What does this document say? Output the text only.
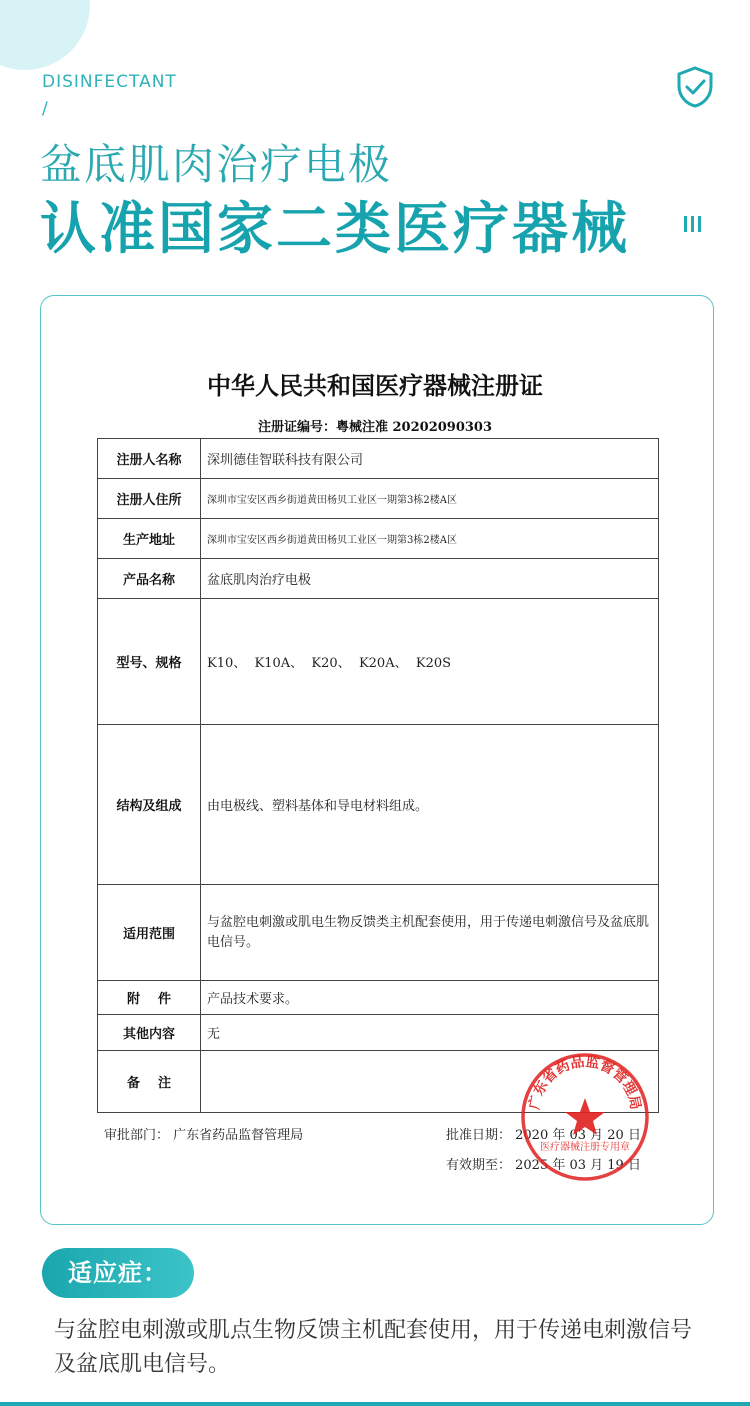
DISINFECTANT
/
盆底肌肉治疗电极
认准国家二类医疗器械
中华人民共和国医疗器械注册证
注册证编号：粤械注准 20202090303
注册人名称	深圳德佳智联科技有限公司
注册人住所	深圳市宝安区西乡街道黄田杨贝工业区一期第3栋2楼A区
生产地址	深圳市宝安区西乡街道黄田杨贝工业区一期第3栋2楼A区
产品名称	盆底肌肉治疗电极
型号、规格	K10、  K10A、  K20、  K20A、  K20S
结构及组成	由电极线、塑料基体和导电材料组成。
适用范围	与盆腔电刺激或肌电生物反馈类主机配套使用，用于传递电刺激信号及盆底肌电信号。
附    件	产品技术要求。
其他内容	无
备    注	
审批部门： 广东省药品监督管理局	批准日期： 2020 年 03 月 20 日
有效期至： 2025 年 03 月 19 日
广东省药品监督管理局
医疗器械注册专用章
适应症：
与盆腔电刺激或肌点生物反馈主机配套使用，用于传递电刺激信号及盆底肌电信号。
